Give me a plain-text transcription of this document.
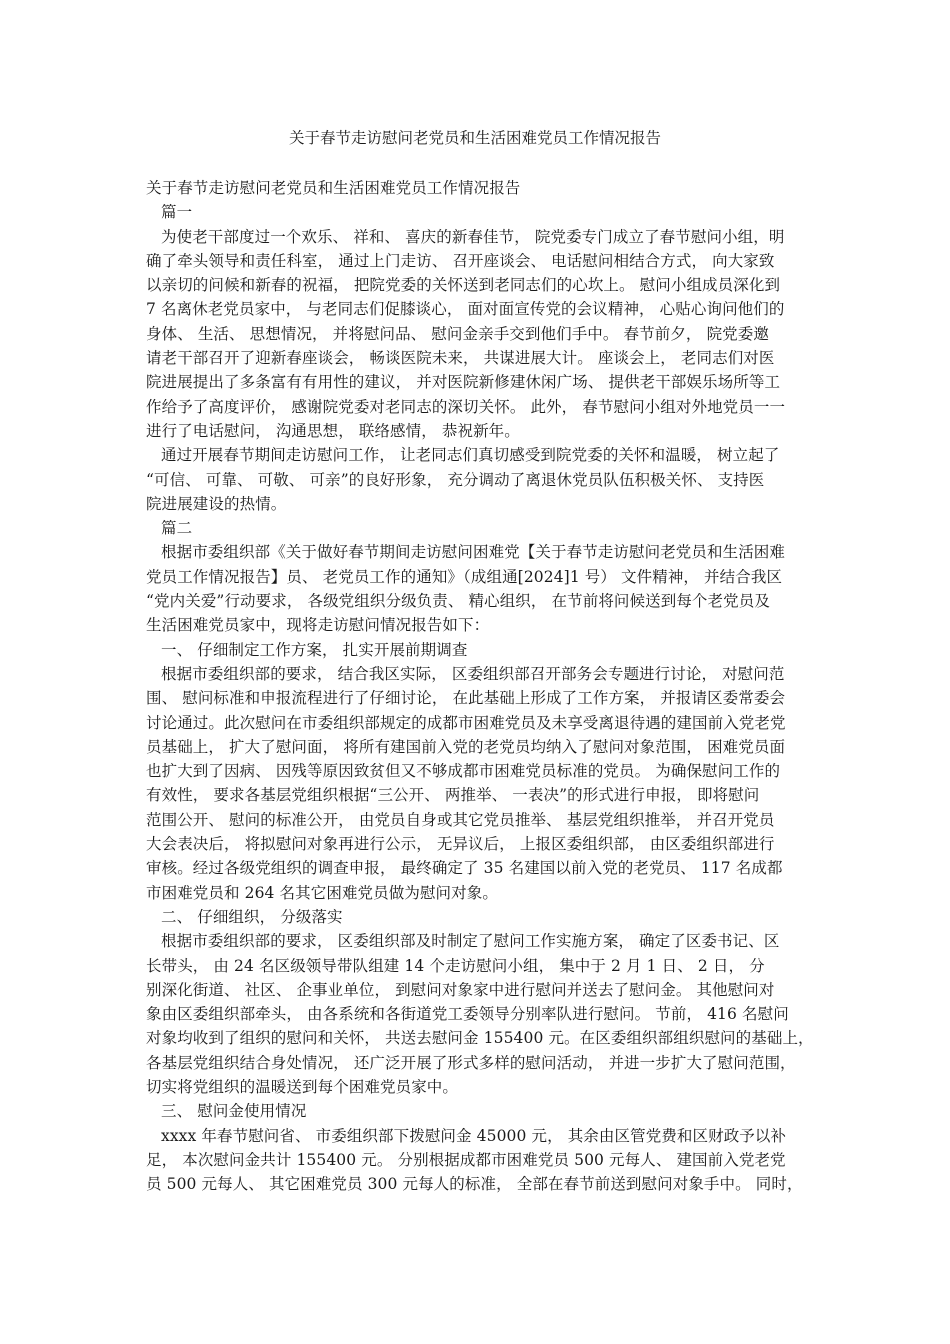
关于春节走访慰问老党员和生活困难党员工作情况报告
关于春节走访慰问老党员和生活困难党员工作情况报告
篇一
为使老干部度过一个欢乐、 祥和、 喜庆的新春佳节， 院党委专门成立了春节慰问小组，明
确了牵头领导和责任科室， 通过上门走访、 召开座谈会、 电话慰问相结合方式， 向大家致
以亲切的问候和新春的祝福， 把院党委的关怀送到老同志们的心坎上。 慰问小组成员深化到
7 名离休老党员家中， 与老同志们促膝谈心， 面对面宣传党的会议精神， 心贴心询问他们的
身体、 生活、 思想情况， 并将慰问品、 慰问金亲手交到他们手中。 春节前夕， 院党委邀
请老干部召开了迎新春座谈会， 畅谈医院未来， 共谋进展大计。 座谈会上， 老同志们对医
院进展提出了多条富有有用性的建议， 并对医院新修建休闲广场、 提供老干部娱乐场所等工
作给予了高度评价， 感谢院党委对老同志的深切关怀。 此外， 春节慰问小组对外地党员一一
进行了电话慰问， 沟通思想， 联络感情， 恭祝新年。
通过开展春节期间走访慰问工作， 让老同志们真切感受到院党委的关怀和温暖， 树立起了
“可信、 可靠、 可敬、 可亲”的良好形象， 充分调动了离退休党员队伍积极关怀、 支持医
院进展建设的热情。
篇二
根据市委组织部《关于做好春节期间走访慰问困难党【关于春节走访慰问老党员和生活困难
党员工作情况报告】员、 老党员工作的通知》（成组通[2024]1 号） 文件精神， 并结合我区
“党内关爱”行动要求， 各级党组织分级负责、 精心组织， 在节前将问候送到每个老党员及
生活困难党员家中，现将走访慰问情况报告如下：
一、 仔细制定工作方案， 扎实开展前期调查
根据市委组织部的要求， 结合我区实际， 区委组织部召开部务会专题进行讨论， 对慰问范
围、 慰问标准和申报流程进行了仔细讨论， 在此基础上形成了工作方案， 并报请区委常委会
讨论通过。此次慰问在市委组织部规定的成都市困难党员及未享受离退待遇的建国前入党老党
员基础上， 扩大了慰问面， 将所有建国前入党的老党员均纳入了慰问对象范围， 困难党员面
也扩大到了因病、 因残等原因致贫但又不够成都市困难党员标准的党员。 为确保慰问工作的
有效性， 要求各基层党组织根据“三公开、 两推举、 一表决”的形式进行申报， 即将慰问
范围公开、 慰问的标准公开， 由党员自身或其它党员推举、 基层党组织推举， 并召开党员
大会表决后， 将拟慰问对象再进行公示， 无异议后， 上报区委组织部， 由区委组织部进行
审核。经过各级党组织的调查申报， 最终确定了 35 名建国以前入党的老党员、 117 名成都
市困难党员和 264 名其它困难党员做为慰问对象。
二、 仔细组织， 分级落实
根据市委组织部的要求， 区委组织部及时制定了慰问工作实施方案， 确定了区委书记、区
长带头， 由 24 名区级领导带队组建 14 个走访慰问小组， 集中于 2 月 1 日、 2 日， 分
别深化街道、 社区、 企事业单位， 到慰问对象家中进行慰问并送去了慰问金。 其他慰问对
象由区委组织部牵头， 由各系统和各街道党工委领导分别率队进行慰问。 节前， 416 名慰问
对象均收到了组织的慰问和关怀， 共送去慰问金 155400 元。在区委组织部组织慰问的基础上，
各基层党组织结合身处情况， 还广泛开展了形式多样的慰问活动， 并进一步扩大了慰问范围，
切实将党组织的温暖送到每个困难党员家中。
三、 慰问金使用情况
xxxx 年春节慰问省、 市委组织部下拨慰问金 45000 元， 其余由区管党费和区财政予以补
足， 本次慰问金共计 155400 元。 分别根据成都市困难党员 500 元每人、 建国前入党老党
员 500 元每人、 其它困难党员 300 元每人的标准， 全部在春节前送到慰问对象手中。 同时，
